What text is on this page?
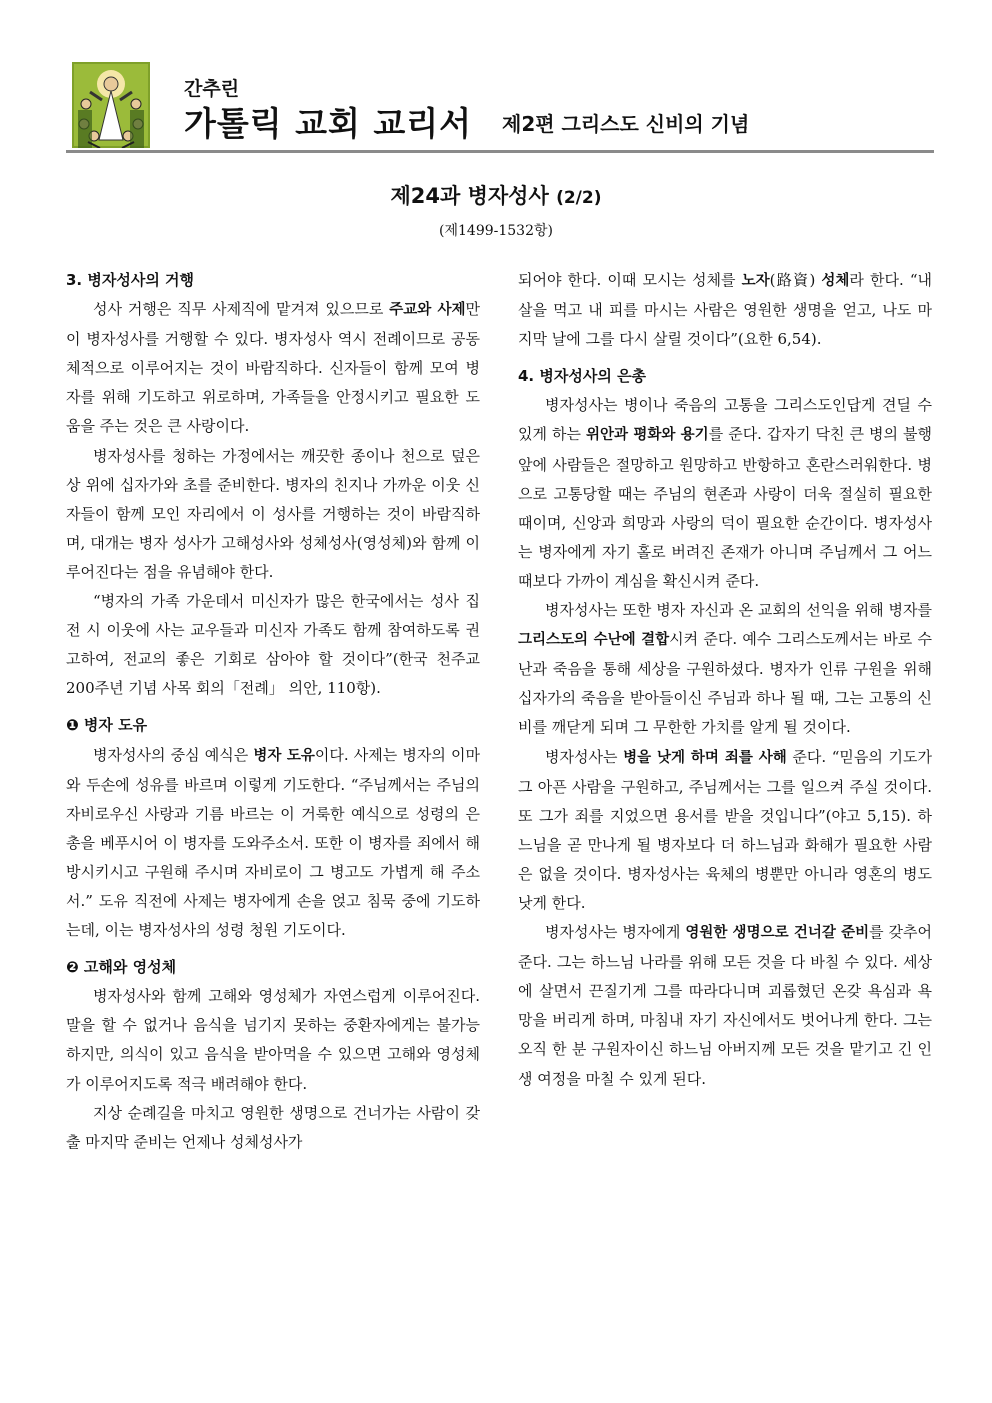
간추린
가톨릭 교회 교리서 제2편 그리스도 신비의 기념
제24과 병자성사 (2/2)
(제1499-1532항)
3. 병자성사의 거행

성사 거행은 직무 사제직에 맡겨져 있으므로 주교와 사제만이 병자성사를 거행할 수 있다. 병자성사 역시 전례이므로 공동체적으로 이루어지는 것이 바람직하다. 신자들이 함께 모여 병자를 위해 기도하고 위로하며, 가족들을 안정시키고 필요한 도움을 주는 것은 큰 사랑이다.

병자성사를 청하는 가정에서는 깨끗한 종이나 천으로 덮은 상 위에 십자가와 초를 준비한다. 병자의 친지나 가까운 이웃 신자들이 함께 모인 자리에서 이 성사를 거행하는 것이 바람직하며, 대개는 병자 성사가 고해성사와 성체성사(영성체)와 함께 이루어진다는 점을 유념해야 한다.

“병자의 가족 가운데서 미신자가 많은 한국에서는 성사 집전 시 이웃에 사는 교우들과 미신자 가족도 함께 참여하도록 권고하여, 전교의 좋은 기회로 삼아야 할 것이다”(한국 천주교 200주년 기념 사목 회의「전례」 의안, 110항).

❶ 병자 도유

병자성사의 중심 예식은 병자 도유이다. 사제는 병자의 이마와 두손에 성유를 바르며 이렇게 기도한다. “주님께서는 주님의 자비로우신 사랑과 기름 바르는 이 거룩한 예식으로 성령의 은총을 베푸시어 이 병자를 도와주소서. 또한 이 병자를 죄에서 해방시키시고 구원해 주시며 자비로이 그 병고도 가볍게 해 주소서.” 도유 직전에 사제는 병자에게 손을 얹고 침묵 중에 기도하는데, 이는 병자성사의 성령 청원 기도이다.

❷ 고해와 영성체

병자성사와 함께 고해와 영성체가 자연스럽게 이루어진다. 말을 할 수 없거나 음식을 넘기지 못하는 중환자에게는 불가능하지만, 의식이 있고 음식을 받아먹을 수 있으면 고해와 영성체가 이루어지도록 적극 배려해야 한다.

지상 순례길을 마치고 영원한 생명으로 건너가는 사람이 갖출 마지막 준비는 언제나 성체성사가

되어야 한다. 이때 모시는 성체를 노자(路資) 성체라 한다. “내 살을 먹고 내 피를 마시는 사람은 영원한 생명을 얻고, 나도 마지막 날에 그를 다시 살릴 것이다”(요한 6,54).

4. 병자성사의 은총

병자성사는 병이나 죽음의 고통을 그리스도인답게 견딜 수 있게 하는 위안과 평화와 용기를 준다. 갑자기 닥친 큰 병의 불행 앞에 사람들은 절망하고 원망하고 반항하고 혼란스러워한다. 병으로 고통당할 때는 주님의 현존과 사랑이 더욱 절실히 필요한 때이며, 신앙과 희망과 사랑의 덕이 필요한 순간이다. 병자성사는 병자에게 자기 홀로 버려진 존재가 아니며 주님께서 그 어느 때보다 가까이 계심을 확신시켜 준다.

병자성사는 또한 병자 자신과 온 교회의 선익을 위해 병자를 그리스도의 수난에 결합시켜 준다. 예수 그리스도께서는 바로 수난과 죽음을 통해 세상을 구원하셨다. 병자가 인류 구원을 위해 십자가의 죽음을 받아들이신 주님과 하나 될 때, 그는 고통의 신비를 깨닫게 되며 그 무한한 가치를 알게 될 것이다.

병자성사는 병을 낫게 하며 죄를 사해 준다. “믿음의 기도가 그 아픈 사람을 구원하고, 주님께서는 그를 일으켜 주실 것이다. 또 그가 죄를 지었으면 용서를 받을 것입니다”(야고 5,15). 하느님을 곧 만나게 될 병자보다 더 하느님과 화해가 필요한 사람은 없을 것이다. 병자성사는 육체의 병뿐만 아니라 영혼의 병도 낫게 한다.

병자성사는 병자에게 영원한 생명으로 건너갈 준비를 갖추어 준다. 그는 하느님 나라를 위해 모든 것을 다 바칠 수 있다. 세상에 살면서 끈질기게 그를 따라다니며 괴롭혔던 온갖 욕심과 욕망을 버리게 하며, 마침내 자기 자신에서도 벗어나게 한다. 그는 오직 한 분 구원자이신 하느님 아버지께 모든 것을 맡기고 긴 인생 여정을 마칠 수 있게 된다.
